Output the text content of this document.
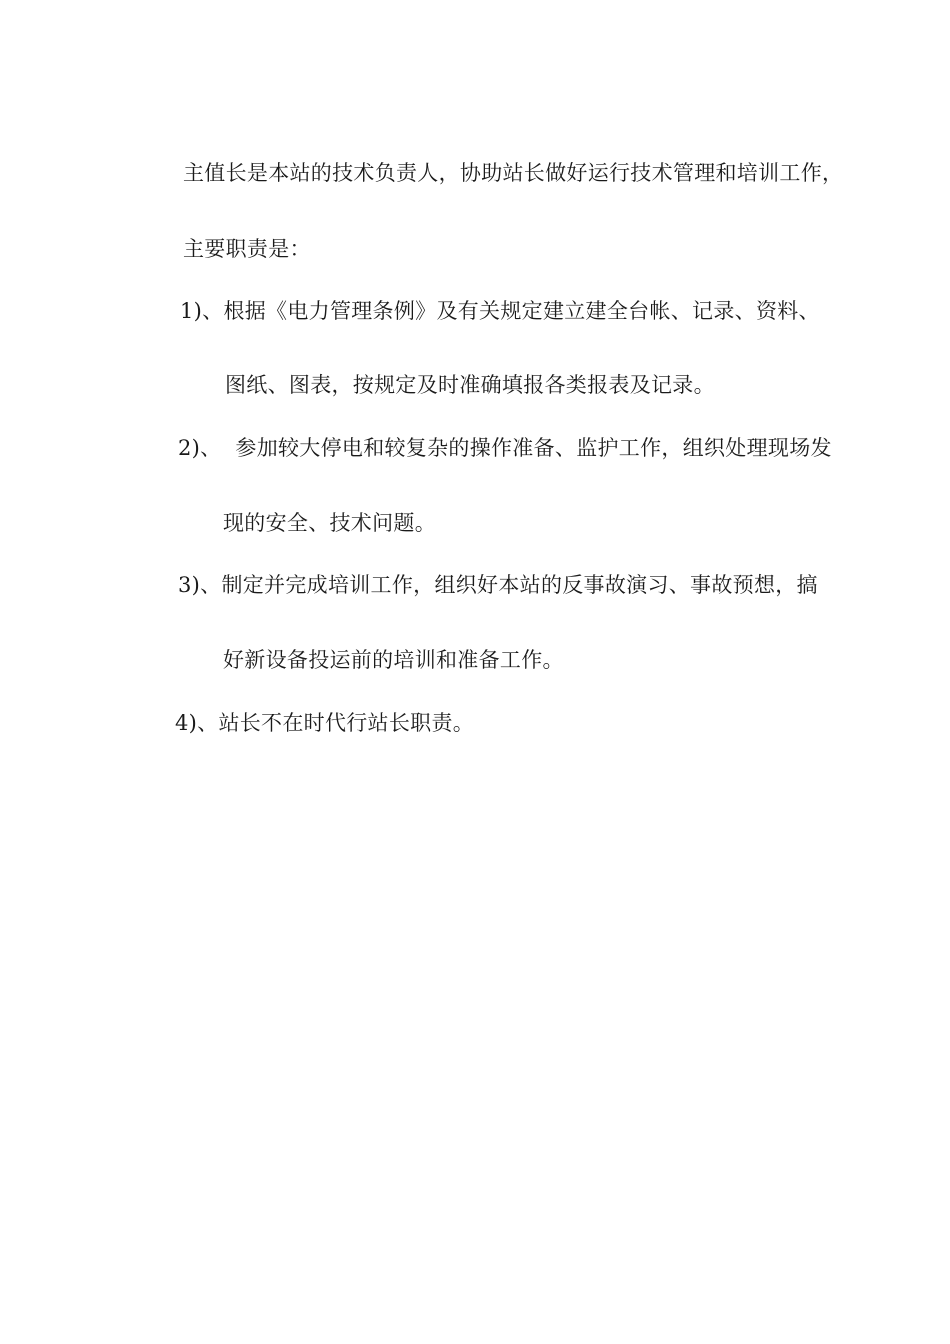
主值长是本站的技术负责人，协助站长做好运行技术管理和培训工作，
主要职责是：
1)、根据《电力管理条例》及有关规定建立建全台帐、记录、资料、
图纸、图表，按规定及时准确填报各类报表及记录。
2)、  参加较大停电和较复杂的操作准备、监护工作，组织处理现场发
现的安全、技术问题。
3)、制定并完成培训工作，组织好本站的反事故演习、事故预想，搞
好新设备投运前的培训和准备工作。
4)、站长不在时代行站长职责。
